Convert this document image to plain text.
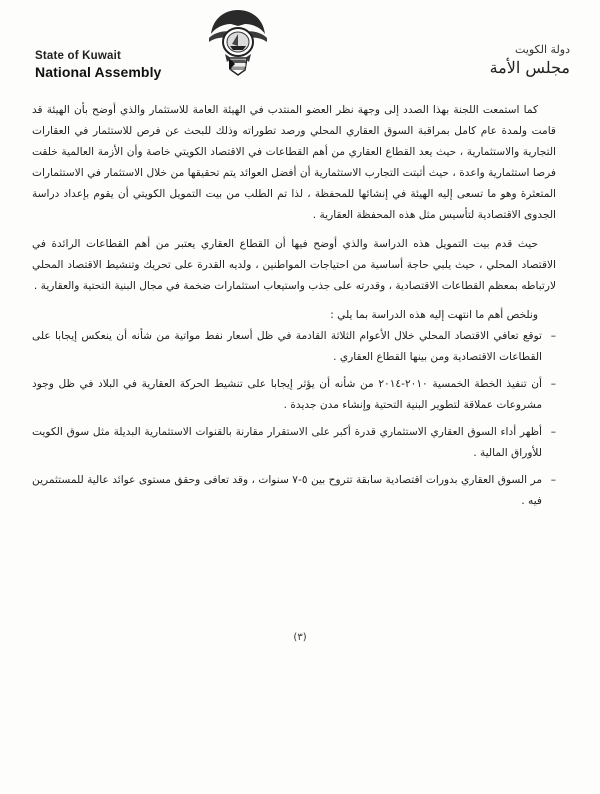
State of Kuwait
National Assembly
دولة الكويت
مجلس الأمة

كما استمعت اللجنة بهذا الصدد إلى وجهة نظر العضو المنتدب في الهيئة العامة للاستثمار والذي أوضح بأن الهيئة قد قامت ولمدة عام كامل بمراقبة السوق العقاري المحلي ورصد تطوراته وذلك للبحث عن فرص للاستثمار في العقارات التجارية والاستثمارية ، حيث يعد القطاع العقاري من أهم القطاعات في الاقتصاد الكويتي خاصة وأن الأزمة العالمية خلقت فرصا استثمارية واعدة ، حيث أثبتت التجارب الاستثمارية أن أفضل العوائد يتم تحقيقها من خلال الاستثمار في الاستثمارات المتعثرة وهو ما تسعى إليه الهيئة في إنشائها للمحفظة ، لذا تم الطلب من بيت التمويل الكويتي أن يقوم بإعداد دراسة الجدوى الاقتصادية لتأسيس مثل هذه المحفظة العقارية .

حيث قدم بيت التمويل هذه الدراسة والذي أوضح فيها أن القطاع العقاري يعتبر من أهم القطاعات الرائدة في الاقتصاد المحلي ، حيث يلبي حاجة أساسية من احتياجات المواطنين ، ولديه القدرة على تحريك وتنشيط الاقتصاد المحلي لارتباطه بمعظم القطاعات الاقتصادية ، وقدرته على جذب واستيعاب استثمارات ضخمة في مجال البنية التحتية والعقارية .

ونلخص أهم ما انتهت إليه هذه الدراسة بما يلي :

– توقع تعافي الاقتصاد المحلي خلال الأعوام الثلاثة القادمة في ظل أسعار نفط مواتية من شأنه أن ينعكس إيجابا على القطاعات الاقتصادية ومن بينها القطاع العقاري .
– أن تنفيذ الخطة الخمسية ٢٠١٠-٢٠١٤ من شأنه أن يؤثر إيجابا على تنشيط الحركة العقارية في البلاد في ظل وجود مشروعات عملاقة لتطوير البنية التحتية وإنشاء مدن جديدة .
– أظهر أداء السوق العقاري الاستثماري قدرة أكبر على الاستقرار مقارنة بالقنوات الاستثمارية البديلة مثل سوق الكويت للأوراق المالية .
– مر السوق العقاري بدورات اقتصادية سابقة تتروح بين ٥-٧ سنوات ، وقد تعافى وحقق مستوى عوائد عالية للمستثمرين فيه .
(٣)
